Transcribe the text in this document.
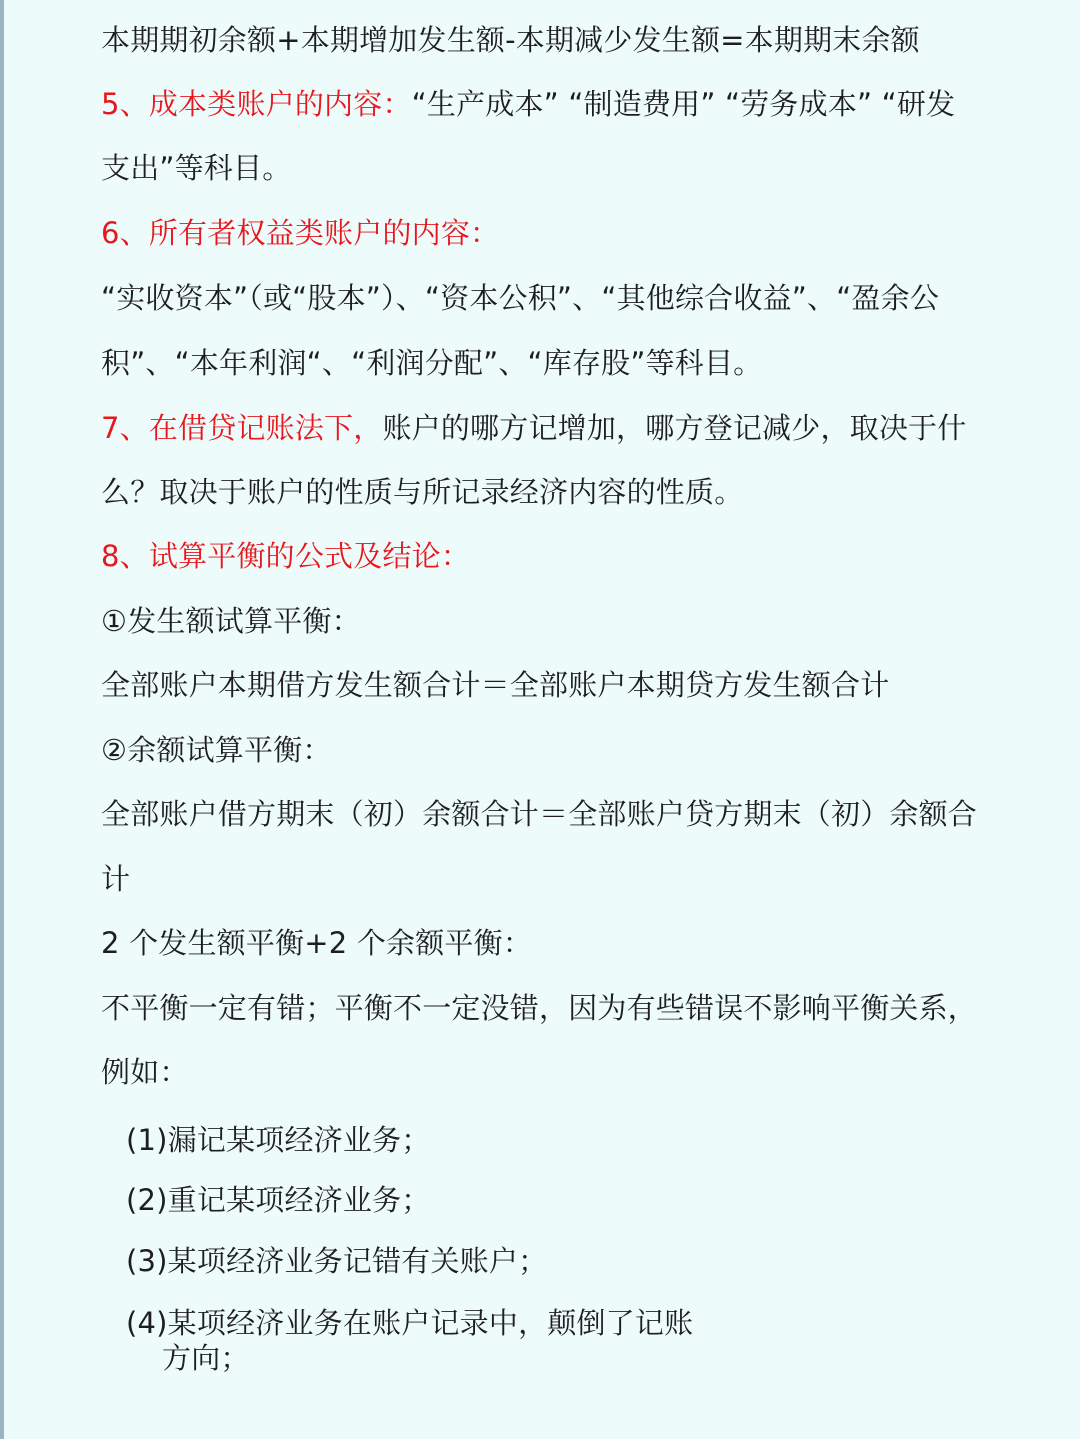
本期期初余额+本期增加发生额-本期减少发生额=本期期末余额
5、成本类账户的内容：“生产成本” “制造费用” “劳务成本” “研发
支出”等科目。
6、所有者权益类账户的内容：
“实收资本”（或“股本”）、“资本公积”、“其他综合收益”、“盈余公
积”、“本年利润“、“利润分配”、“库存股”等科目。
7、在借贷记账法下，账户的哪方记增加，哪方登记减少，取决于什
么？取决于账户的性质与所记录经济内容的性质。
8、试算平衡的公式及结论：
①发生额试算平衡：
全部账户本期借方发生额合计＝全部账户本期贷方发生额合计
②余额试算平衡：
全部账户借方期末（初）余额合计＝全部账户贷方期末（初）余额合
计
2 个发生额平衡+2 个余额平衡：
不平衡一定有错；平衡不一定没错，因为有些错误不影响平衡关系，
例如：
(1)漏记某项经济业务；
(2)重记某项经济业务；
(3)某项经济业务记错有关账户；
(4)某项经济业务在账户记录中，颠倒了记账
方向；
